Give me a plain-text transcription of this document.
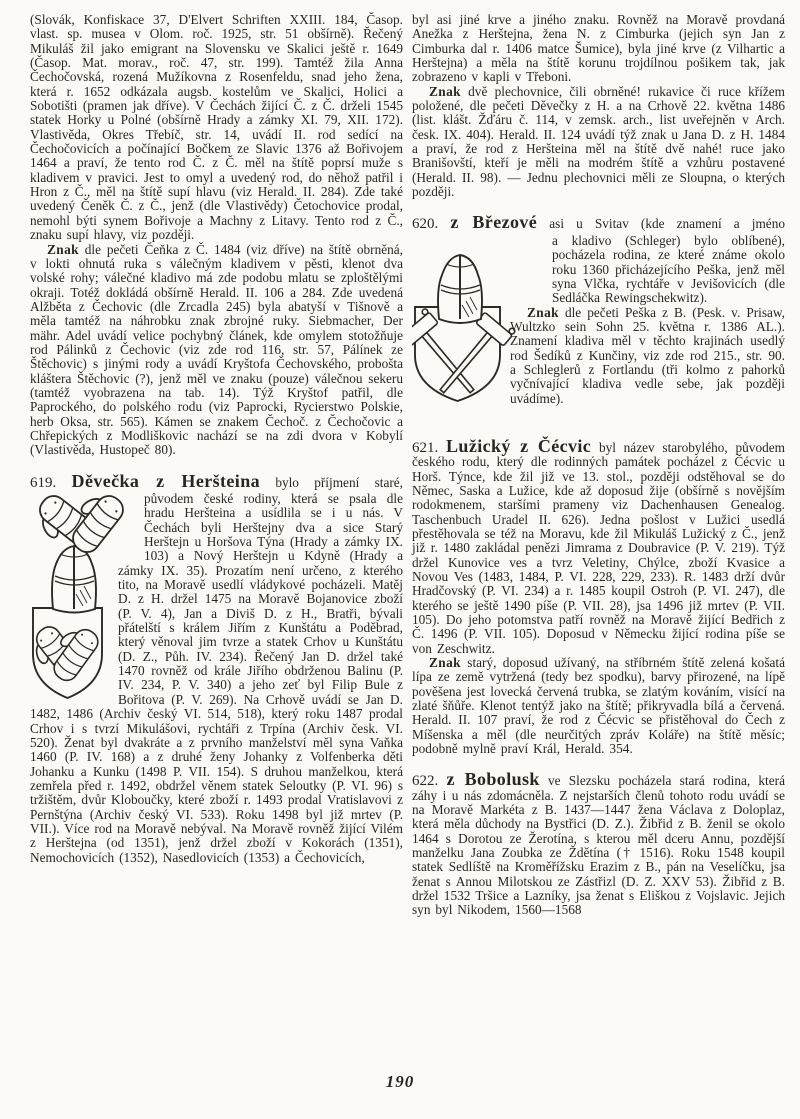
(Slovák, Konfiskace 37, D'Elvert Schriften XXIII. 184, Časop. vlast. sp. musea v Olom. roč. 1925, str. 51 obšírně). Řečený Mikuláš žil jako emigrant na Slovensku ve Skalici ještě r. 1649 (Časop. Mat. morav., roč. 47, str. 199). Tamtéž žila Anna Čechočovská, rozená Mužíkovna z Rosenfeldu, snad jeho žena, která r. 1652 odkázala augsb. kostelům ve Skalici, Holici a Sobotišti (pramen jak dříve). V Čechách žijící Č. z Č. drželi 1545 statek Horky u Polné (obšírně Hrady a zámky XI. 79, XII. 172). Vlastivěda, Okres Třebíč, str. 14, uvádí II. rod sedící na Čechočovicích a počínající Bočkem ze Slavic 1376 až Bořivojem 1464 a praví, že tento rod Č. z Č. měl na štítě poprsí muže s kladivem v pravici. Jest to omyl a uvedený rod, do něhož patřil i Hron z Č., měl na štítě supí hlavu (viz Herald. II. 284). Zde také uvedený Čeněk Č. z Č., jenž (dle Vlastivědy) Četochovice prodal, nemohl býti synem Bořivoje a Machny z Litavy. Tento rod z Č., znaku supí hlavy, viz později.

Znak dle pečeti Čeňka z Č. 1484 (viz dříve) na štítě obrněná, v lokti ohnutá ruka s válečným kladivem v pěsti, klenot dva volské rohy; válečné kladivo má zde podobu mlatu se zploštělými okraji. Totéž dokládá obšírně Herald. II. 106 a 284. Zde uvedená Alžběta z Čechovic (dle Zrcadla 245) byla abatyší v Tišnově a měla tamtéž na náhrobku znak zbrojné ruky. Siebmacher, Der mähr. Adel uvádí velice pochybný článek, kde omylem stotožňuje rod Pálinků z Čechovic (viz zde rod 116, str. 57, Pálínek ze Štěchovic) s jinými rody a uvádí Kryštofa Čechovského, probošta kláštera Štěchovic (?), jenž měl ve znaku (pouze) válečnou sekeru (tamtéž vyobrazena na tab. 14). Týž Kryštof patřil, dle Paprockého, do polského rodu (viz Paprocki, Rycierstwo Polskie, herb Oksa, str. 565). Kámen se znakem Čechoč. z Čechočovic a Chřepických z Modliškovic nachází se na zdi dvora v Kobylí (Vlastivěda, Hustopeč 80).

619. Děvečka z Heršteina bylo příjmení staré,

původem české rodiny, která se psala dle hradu Heršteina a usídlila se i u nás. V Čechách byli Herštejny dva a sice Starý Herštejn u Horšova Týna (Hrady a zámky IX. 103) a Nový Herštejn u Kdyně (Hrady a zámky IX. 35). Prozatím není určeno, z kterého tito, na Moravě usedlí vládykové pocházeli. Matěj D. z H. držel 1475 na Moravě Bojanovice zboží (P. V. 4), Jan a Diviš D. z H., Bratři, bývali přátelští s králem Jiřím z Kunštátu a Poděbrad, který věnoval jim tvrze a statek Crhov u Kunštátu (D. Z., Půh. IV. 234). Řečený Jan D. držel také 1470 rovněž od krále Jiřího obdrženou Balinu (P. IV. 234, P. V. 340) a jeho zeť byl Filip Bule z Bořitova (P. V. 269). Na Crhově uvádí se Jan D. 1482, 1486 (Archiv český VI. 514, 518), který roku 1487 prodal Crhov i s tvrzí Mikulášovi, rychtáři z Trpína (Archiv česk. VI. 520). Ženat byl dvakráte a z prvního manželství měl syna Vaňka 1460 (P. IV. 168) a z druhé ženy Johanky z Volfenberka děti Johanku a Kunku (1498 P. VII. 154). S druhou manželkou, která zemřela před r. 1492, obdržel věnem statek Seloutky (P. VI. 96) s tržištěm, dvůr Kloboučky, které zboží r. 1493 prodal Vratislavovi z Pernštýna (Archiv český VI. 533). Roku 1498 byl již mrtev (P. VII.). Více rod na Moravě nebýval. Na Moravě rovněž žijící Vilém z Herštejna (od 1351), jenž držel zboží v Kokorách (1351), Nemochovicích (1352), Nasedlovicích (1353) a Čechovicích,

byl asi jiné krve a jiného znaku. Rovněž na Moravě provdaná Anežka z Herštejna, žena N. z Cimburka (jejich syn Jan z Cimburka dal r. 1406 matce Šumice), byla jiné krve (z Vilhartic a Herštejna) a měla na štítě korunu trojdílnou pošikem tak, jak zobrazeno v kapli v Třeboni.

Znak dvě plechovnice, čili obrněné! rukavice či ruce křížem položené, dle pečeti Děvečky z H. a na Crhově 22. května 1486 (list. klášt. Žďáru č. 114, v zemsk. arch., list uveřejněn v Arch. česk. IX. 404). Herald. II. 124 uvádí týž znak u Jana D. z H. 1484 a praví, že rod z Heršteina měl na štítě dvě nahé! ruce jako Branišovští, kteří je měli na modrém štítě a vzhůru postavené (Herald. II. 98). — Jednu plechovnici měli ze Sloupna, o kterých později.

620. z Březové asi u Svitav (kde znamení a jméno

a kladivo (Schleger) bylo oblíbené), pocházela rodina, ze které známe okolo roku 1360 přicházejícího Peška, jenž měl syna Vlčka, rychtáře v Jevišovicích (dle Sedláčka Rewingschekwitz).

Znak dle pečeti Peška z B. (Pesk. v. Prisaw, Wultzko sein Sohn 25. května r. 1386 AL.). Znamení kladiva měl v těchto krajinách usedlý rod Šedíků z Kunčiny, viz zde rod 215., str. 90. a Schleglerů z Fortlandu (tři kolmo z pahorků vyčnívající kladiva vedle sebe, jak později uvádíme).

621. Lužický z Čécvic byl název starobylého, původem českého rodu, který dle rodinných památek pocházel z Čécvic u Horš. Týnce, kde žil již ve 13. stol., později odstěhoval se do Němec, Saska a Lužice, kde až doposud žije (obšírně s novějším rodokmenem, staršími prameny viz Dachenhausen Genealog. Taschenbuch Uradel II. 626). Jedna pošlost v Lužici usedlá přestěhovala se též na Moravu, kde žil Mikuláš Lužický z Č., jenž již r. 1480 zakládal penězi Jimrama z Doubravice (P. V. 219). Týž držel Kunovice ves a tvrz Veletiny, Chýlce, zboží Kvasice a Novou Ves (1483, 1484, P. VI. 228, 229, 233). R. 1483 drží dvůr Hradčovský (P. VI. 234) a r. 1485 koupil Ostroh (P. VI. 247), dle kterého se ještě 1490 píše (P. VII. 28), jsa 1496 již mrtev (P. VII. 105). Do jeho potomstva patří rovněž na Moravě žijící Bedřich z Č. 1496 (P. VII. 105). Doposud v Německu žijící rodina píše se von Zeschwitz.

Znak starý, doposud užívaný, na stříbrném štítě zelená košatá lípa ze země vytržená (tedy bez spodku), barvy přirozené, na lípě pověšena jest lovecká červená trubka, se zlatým kováním, visící na zlaté šňůře. Klenot tentýž jako na štítě; přikryvadla bílá a červená. Herald. II. 107 praví, že rod z Čécvic se přistěhoval do Čech z Míšenska a měl (dle neurčitých zpráv Koláře) na štítě měsíc; podobně mylně praví Král, Herald. 354.

622. z Bobolusk ve Slezsku pocházela stará rodina, která záhy i u nás zdomácněla. Z nejstarších členů tohoto rodu uvádí se na Moravě Markéta z B. 1437—1447 žena Václava z Doloplaz, která měla důchody na Bystřici (D. Z.). Žibřid z B. ženil se okolo 1464 s Dorotou ze Žerotína, s kterou měl dceru Annu, pozdější manželku Jana Zoubka ze Ždětína († 1516). Roku 1548 koupil statek Sedlíště na Kroměřížsku Erazim z B., pán na Veselíčku, jsa ženat s Annou Milotskou ze Zástřizl (D. Z. XXV 53). Žibřid z B. držel 1532 Tršice a Lazníky, jsa ženat s Eliškou z Vojslavic. Jejich syn byl Nikodem, 1560—1568

190
